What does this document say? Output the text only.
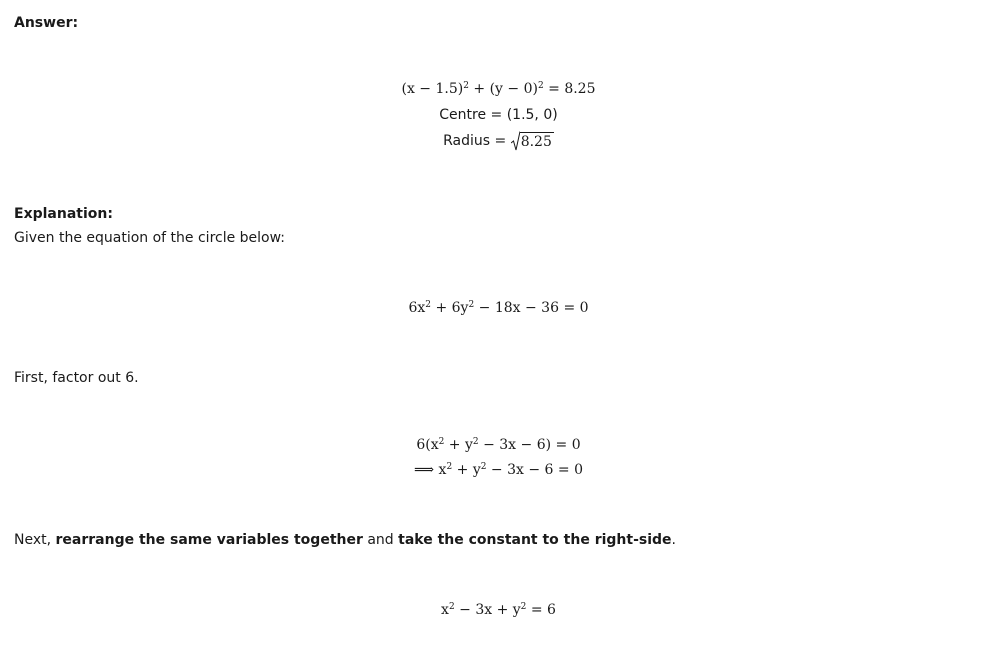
Answer:
$(x - 1.5)^2 + (y - 0)^2 = 8.25$
Centre = (1.5, 0)
Radius = 8.25
Explanation:
Given the equation of the circle below:
$6x^2 + 6y^2 - 18x - 36 = 0$
First, factor out 6.
$6(x^2 + y^2 - 3x - 6) = 0$
⟹ $x^2 + y^2 - 3x - 6 = 0$
Next, rearrange the same variables together and take the constant to the right-side.
$x^2 - 3x + y^2 = 6$
